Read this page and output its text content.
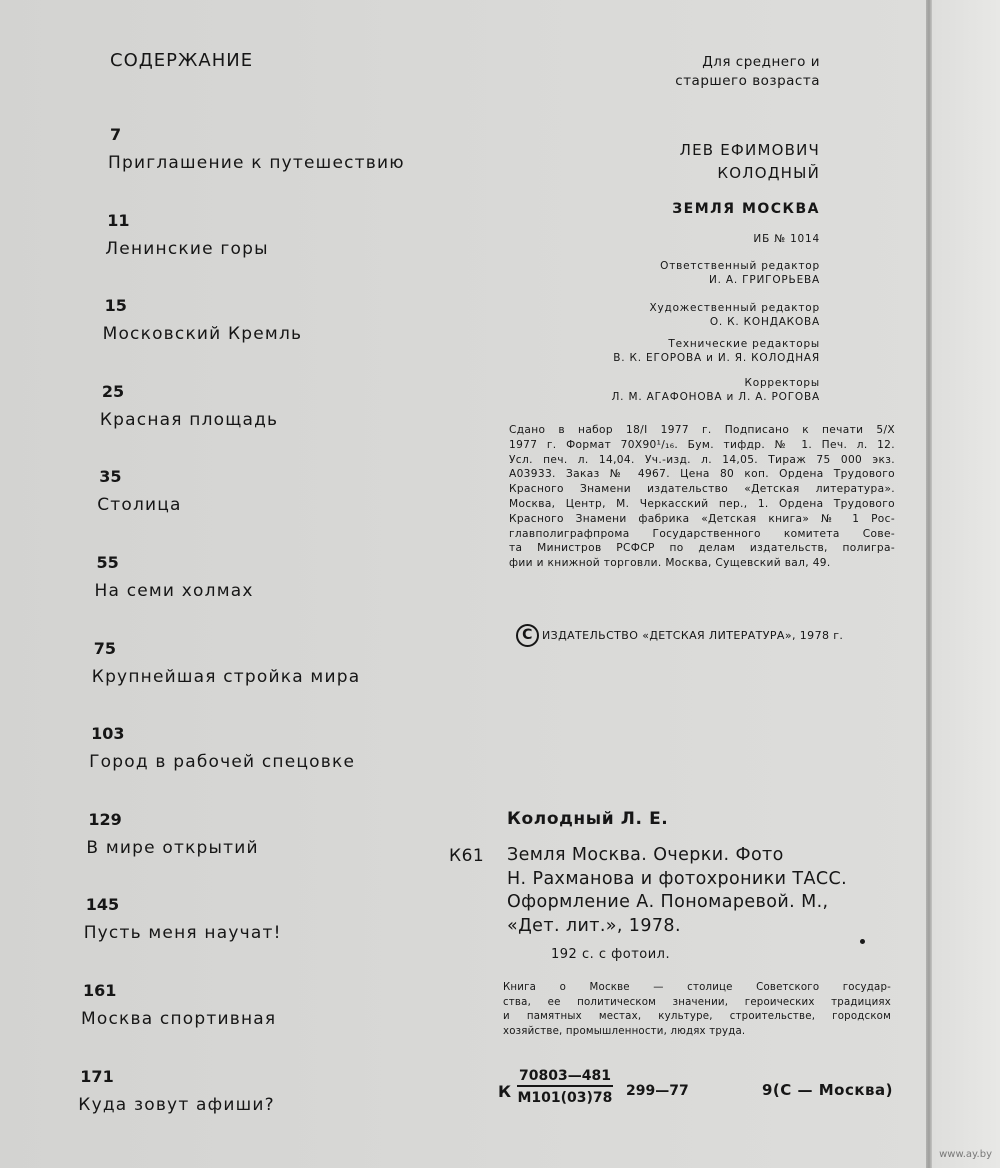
СОДЕРЖАНИЕ
7
Приглашение к путешествию
11
Ленинские горы
15
Московский Кремль
25
Красная площадь
35
Столица
55
На семи холмах
75
Крупнейшая стройка мира
103
Город в рабочей спецовке
129
В мире открытий
145
Пусть меня научат!
161
Москва спортивная
171
Куда зовут афиши?
Для среднего и
старшего возраста
ЛЕВ ЕФИМОВИЧ
КОЛОДНЫЙ
ЗЕМЛЯ МОСКВА
ИБ № 1014
Ответственный редактор
И. А. ГРИГОРЬЕВА
Художественный редактор
О. К. КОНДАКОВА
Технические редакторы
В. К. ЕГОРОВА и И. Я. КОЛОДНАЯ
Корректоры
Л. М. АГАФОНОВА и Л. А. РОГОВА
Сдано в набор 18/I 1977 г. Подписано к печати 5/X
1977 г. Формат 70Х90¹/₁₆. Бум. тифдр. № 1. Печ. л. 12.
Усл. печ. л. 14,04. Уч.-изд. л. 14,05. Тираж 75 000 экз.
А03933. Заказ № 4967. Цена 80 коп. Ордена Трудового
Красного Знамени издательство «Детская литература».
Москва, Центр, М. Черкасский пер., 1. Ордена Трудового
Красного Знамени фабрика «Детская книга» № 1 Рос-
главполиграфпрома Государственного комитета Сове-
та Министров РСФСР по делам издательств, полигра-
фии и книжной торговли. Москва, Сущевский вал, 49.
C ИЗДАТЕЛЬСТВО «ДЕТСКАЯ ЛИТЕРАТУРА», 1978 г.
Колодный Л. Е.
К61 Земля Москва. Очерки. Фото
Н. Рахманова и фотохроники ТАСС.
Оформление А. Пономаревой. М.,
«Дет. лит.», 1978.
192 с. с фотоил.
Книга о Москве — столице Советского государ-
ства, ее политическом значении, героических традициях
и памятных местах, культуре, строительстве, городском
хозяйстве, промышленности, людях труда.
К
70803—481
М101(03)78 299—77	9(С — Москва)
www.ay.by
